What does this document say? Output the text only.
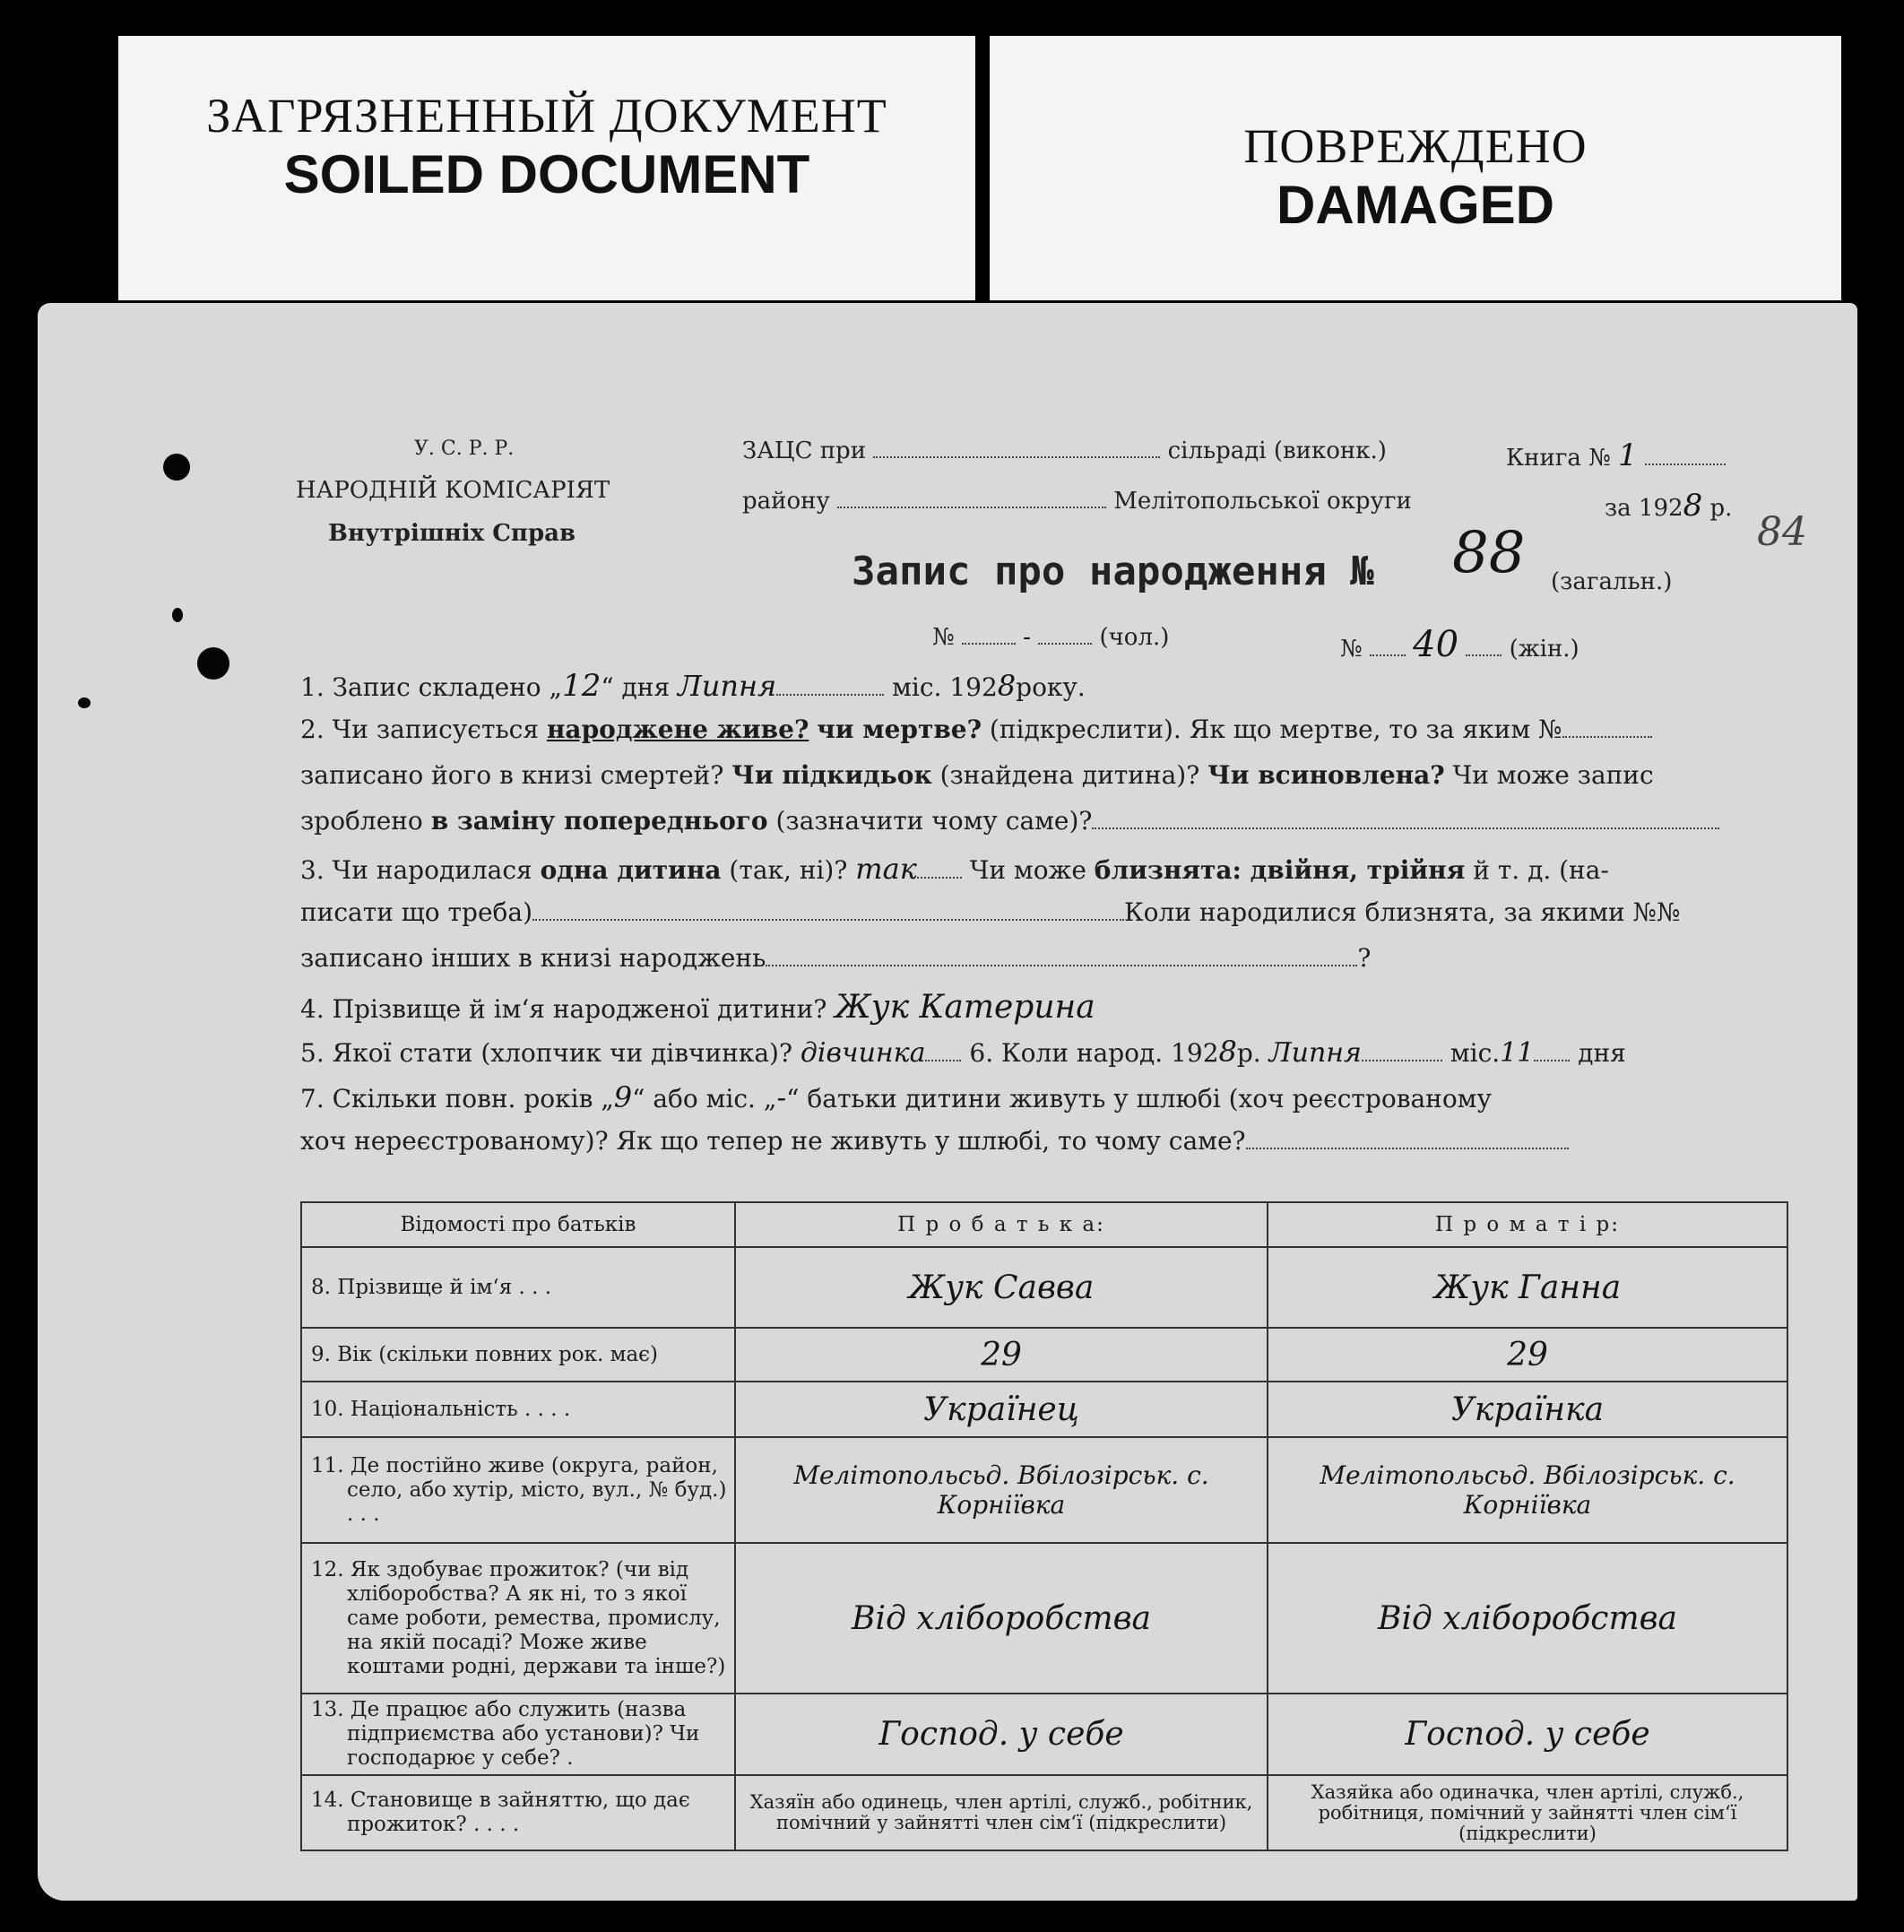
ЗАГРЯЗНЕННЫЙ ДОКУМЕНТ
SOILED DOCUMENT	ПОВРЕЖДЕНО
DAMAGED
У. С. Р. Р.
НАРОДНІЙ КОМІСАРІЯТ
Внутрішніх Справ
ЗАЦС при	сільраді (виконк.)	Книга № 1
району	Мелітопольської округи	за 1928 р.
84
Запис про народження № 88 (загальн.)
№	-	(чол.)	№ 40 (жін.)
1. Запис складено „12“ дня Липня	міс. 1928року.
2. Чи записується народжене живе? чи мертве? (підкреслити). Як що мертве, то за яким №
записано його в книзі смертей? Чи підкидьок (знайдена дитина)? Чи всиновлена? Чи може запис
зроблено в заміну попереднього (зазначити чому саме)?
3. Чи народилася одна дитина (так, ні)? так Чи може близнята: двійня, трійня й т. д. (на-
писати що треба)	Коли народилися близнята, за якими №№
записано інших в книзі народжень	?
4. Прізвище й ім‘я народженої дитини? Жук Катерина
5. Якої стати (хлопчик чи дівчинка)? дівчинка 6. Коли народ. 1928р. Липня	міс.11 дня
7. Скільки повн. років „9“ або міс. „-“ батьки дитини живуть у шлюбі (хоч реєстрованому
хоч нереєстрованому)? Як що тепер не живуть у шлюбі, то чому саме?
Відомості про батьків	П р о б а т ь к а:	П р о м а т і р:
8. Прізвище й ім‘я . . .	Жук Савва	Жук Ганна
9. Вік (скільки повних рок. має)	29	29
10. Національність . . . .	Українец	Українка
11. Де постійно живе (округа, район, село, або хутір, місто, вул., № буд.) . . .	Мелітопольсьд. Вбілозірськ. с. Корніївка	Мелітопольсьд. Вбілозірськ. с. Корніївка
12. Як здобуває прожиток? (чи від хліборобства? А як ні, то з якої саме роботи, ремества, промислу, на якій посаді? Може живе коштами родні, держави та інше?)	Від хліборобства	Від хліборобства
13. Де працює або служить (назва підприємства або установи)? Чи господарює у себе? .	Господ. у себе	Господ. у себе
14. Становище в зайняттю, що дає прожиток? . . . .	Хазяїн або одинець, член артілі, служб., робітник, помічний у зайнятті член сім‘ї (підкреслити)	Хазяйка або одиначка, член артілі, служб., робітниця, помічний у зайнятті член сім‘ї (підкреслити)
